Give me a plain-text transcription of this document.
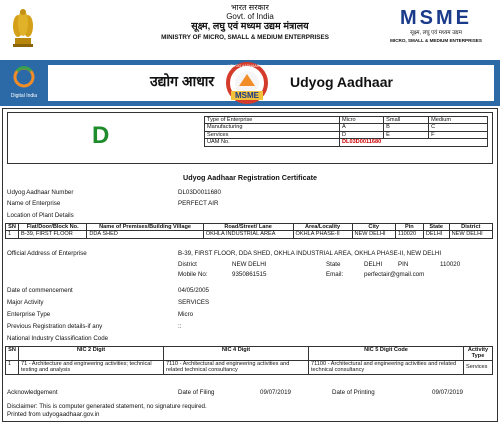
भारत सरकार
Govt. of India
सूक्ष्म, लघु एवं मध्यम उद्यम मंत्रालय
MINISTRY OF MICRO, SMALL & MEDIUM ENTERPRISES
MSME
सूक्ष्म, लघु एवं मध्यम उद्यम
MICRO, SMALL & MEDIUM ENTERPRISES
Digital India
उद्योग आधार
UDYOG AADHAAR
MSME
Udyog Aadhaar
D
Type of Enterprise	Micro	Small	Medium
Manufacturing	A	B	C
Services	D	E	F
UAM No.	DL03D0011680		
Udyog Aadhaar Registration Certificate
Udyog Aadhaar Number	DL03D0011680
Name of Enterprise	PERFECT AIR
Location of Plant Details
SN	Flat/Door/Block No.	Name of Premises/Building Village	Road/Street/ Lane	Area/Locality	City	Pin	State	District
1	B-39, FIRST FLOOR	DDA SHED	OKHLA INDUSTRIAL AREA	OKHLA PHASE-II	NEW DELHI	110020	DELHI	NEW DELHI
Official Address of Enterprise	B-39, FIRST FLOOR, DDA SHED, OKHLA INDUSTRIAL AREA, OKHLA PHASE-II, NEW DELHI
District	NEW DELHI	State	DELHI	PIN	110020
Mobile No:	9350861515	Email:	perfectair@gmail.com
Date of commencement	04/05/2005
Major Activity	SERVICES
Enterprise Type	Micro
Previous Registration details-if any	::
National Industry Classification Code
SN	NIC 2 Digit	NIC 4 Digit	NIC 5 Digit Code	Activity Type
1	71 - Architecture and engineering activities; technical testing and analysis	7110 - Architectural and engineering activities and related technical consultancy	71100 - Architectural and engineering activities and related technical consultancy	Services
Acknowledgement	Date of Filing	09/07/2019	Date of Printing	09/07/2019
Disclaimer: This is computer generated statement, no signature required.
Printed from udyogaadhaar.gov.in
